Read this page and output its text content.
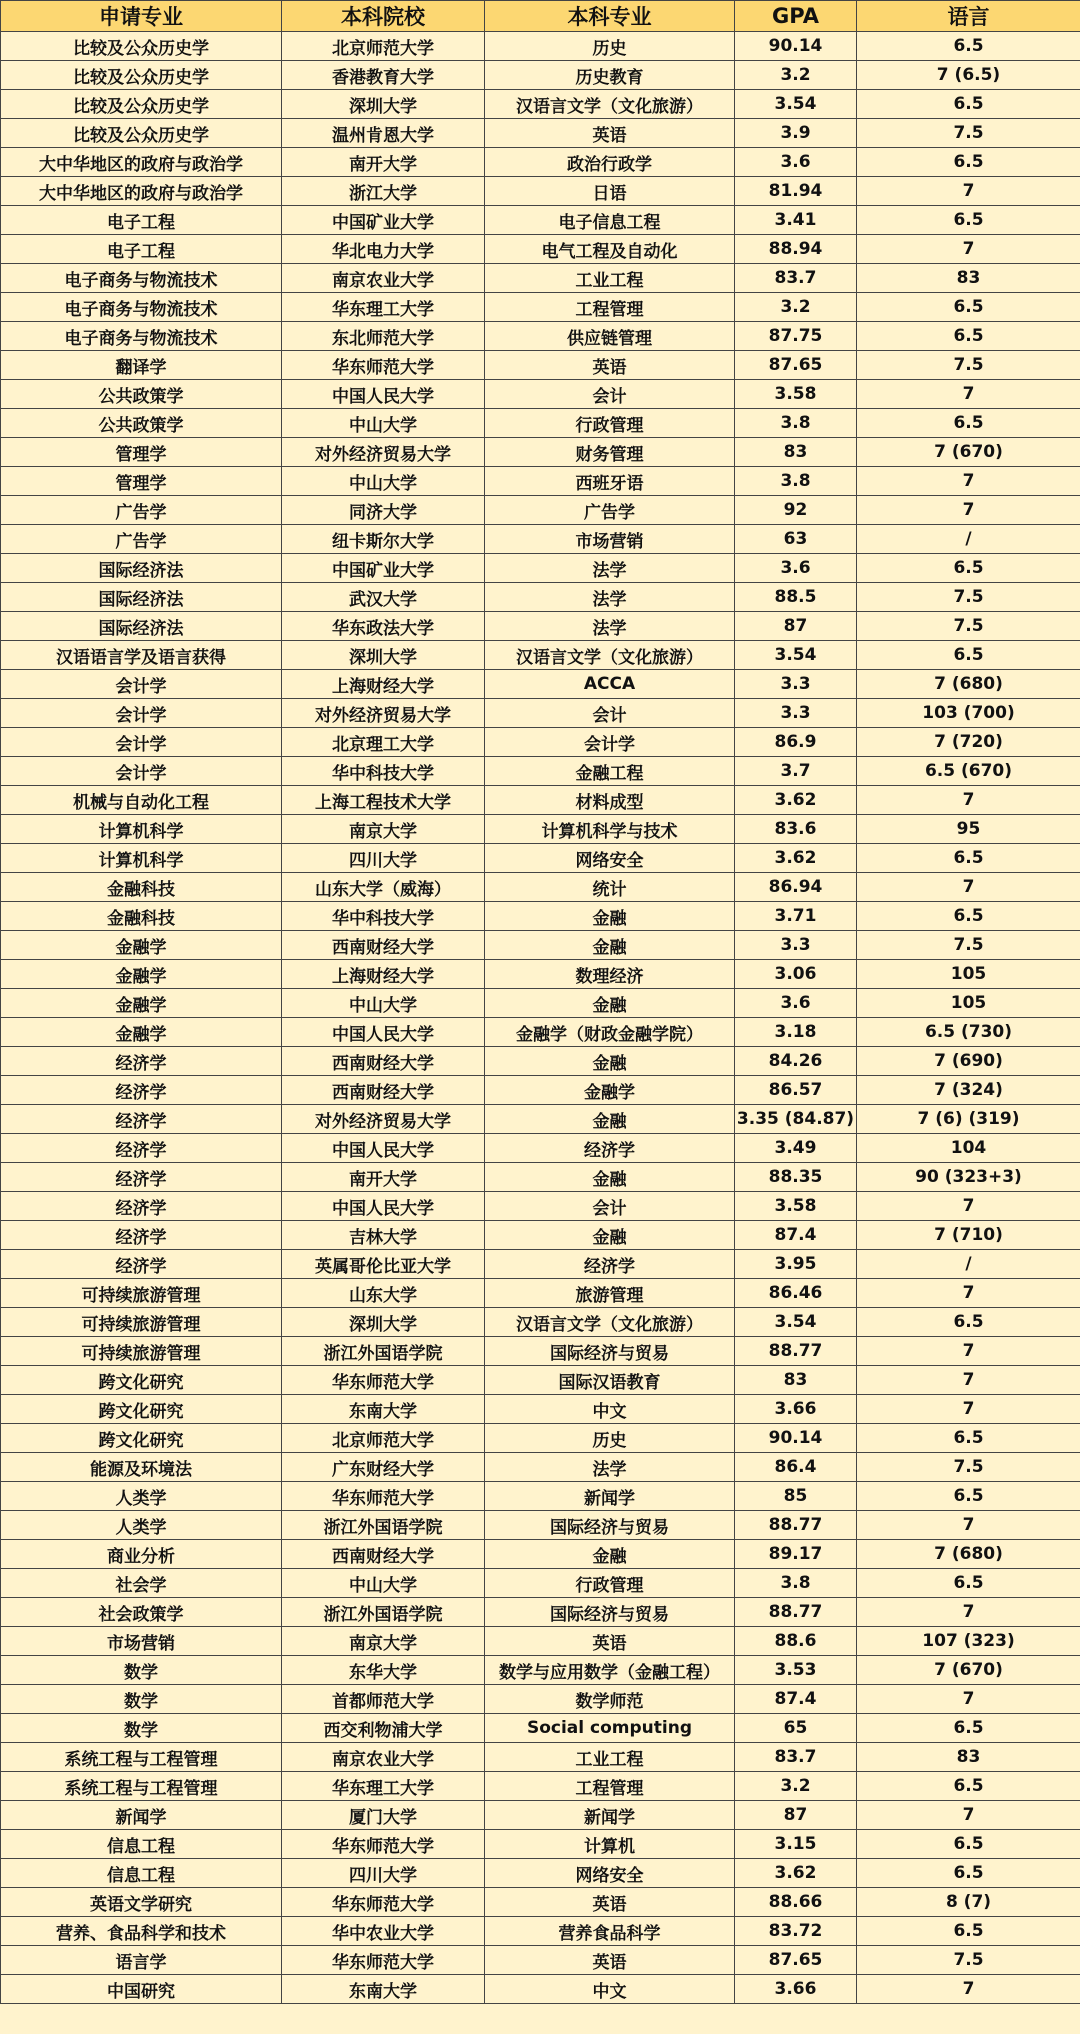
申请专业	本科院校	本科专业	GPA	语言
比较及公众历史学	北京师范大学	历史	90.14	6.5
比较及公众历史学	香港教育大学	历史教育	3.2	7 (6.5)
比较及公众历史学	深圳大学	汉语言文学（文化旅游）	3.54	6.5
比较及公众历史学	温州肯恩大学	英语	3.9	7.5
大中华地区的政府与政治学	南开大学	政治行政学	3.6	6.5
大中华地区的政府与政治学	浙江大学	日语	81.94	7
电子工程	中国矿业大学	电子信息工程	3.41	6.5
电子工程	华北电力大学	电气工程及自动化	88.94	7
电子商务与物流技术	南京农业大学	工业工程	83.7	83
电子商务与物流技术	华东理工大学	工程管理	3.2	6.5
电子商务与物流技术	东北师范大学	供应链管理	87.75	6.5
翻译学	华东师范大学	英语	87.65	7.5
公共政策学	中国人民大学	会计	3.58	7
公共政策学	中山大学	行政管理	3.8	6.5
管理学	对外经济贸易大学	财务管理	83	7 (670)
管理学	中山大学	西班牙语	3.8	7
广告学	同济大学	广告学	92	7
广告学	纽卡斯尔大学	市场营销	63	/
国际经济法	中国矿业大学	法学	3.6	6.5
国际经济法	武汉大学	法学	88.5	7.5
国际经济法	华东政法大学	法学	87	7.5
汉语语言学及语言获得	深圳大学	汉语言文学（文化旅游）	3.54	6.5
会计学	上海财经大学	ACCA	3.3	7 (680)
会计学	对外经济贸易大学	会计	3.3	103 (700)
会计学	北京理工大学	会计学	86.9	7 (720)
会计学	华中科技大学	金融工程	3.7	6.5 (670)
机械与自动化工程	上海工程技术大学	材料成型	3.62	7
计算机科学	南京大学	计算机科学与技术	83.6	95
计算机科学	四川大学	网络安全	3.62	6.5
金融科技	山东大学（威海）	统计	86.94	7
金融科技	华中科技大学	金融	3.71	6.5
金融学	西南财经大学	金融	3.3	7.5
金融学	上海财经大学	数理经济	3.06	105
金融学	中山大学	金融	3.6	105
金融学	中国人民大学	金融学（财政金融学院）	3.18	6.5 (730)
经济学	西南财经大学	金融	84.26	7 (690)
经济学	西南财经大学	金融学	86.57	7 (324)
经济学	对外经济贸易大学	金融	3.35 (84.87)	7 (6) (319)
经济学	中国人民大学	经济学	3.49	104
经济学	南开大学	金融	88.35	90 (323+3)
经济学	中国人民大学	会计	3.58	7
经济学	吉林大学	金融	87.4	7 (710)
经济学	英属哥伦比亚大学	经济学	3.95	/
可持续旅游管理	山东大学	旅游管理	86.46	7
可持续旅游管理	深圳大学	汉语言文学（文化旅游）	3.54	6.5
可持续旅游管理	浙江外国语学院	国际经济与贸易	88.77	7
跨文化研究	华东师范大学	国际汉语教育	83	7
跨文化研究	东南大学	中文	3.66	7
跨文化研究	北京师范大学	历史	90.14	6.5
能源及环境法	广东财经大学	法学	86.4	7.5
人类学	华东师范大学	新闻学	85	6.5
人类学	浙江外国语学院	国际经济与贸易	88.77	7
商业分析	西南财经大学	金融	89.17	7 (680)
社会学	中山大学	行政管理	3.8	6.5
社会政策学	浙江外国语学院	国际经济与贸易	88.77	7
市场营销	南京大学	英语	88.6	107 (323)
数学	东华大学	数学与应用数学（金融工程）	3.53	7 (670)
数学	首都师范大学	数学师范	87.4	7
数学	西交利物浦大学	Social computing	65	6.5
系统工程与工程管理	南京农业大学	工业工程	83.7	83
系统工程与工程管理	华东理工大学	工程管理	3.2	6.5
新闻学	厦门大学	新闻学	87	7
信息工程	华东师范大学	计算机	3.15	6.5
信息工程	四川大学	网络安全	3.62	6.5
英语文学研究	华东师范大学	英语	88.66	8 (7)
营养、食品科学和技术	华中农业大学	营养食品科学	83.72	6.5
语言学	华东师范大学	英语	87.65	7.5
中国研究	东南大学	中文	3.66	7
